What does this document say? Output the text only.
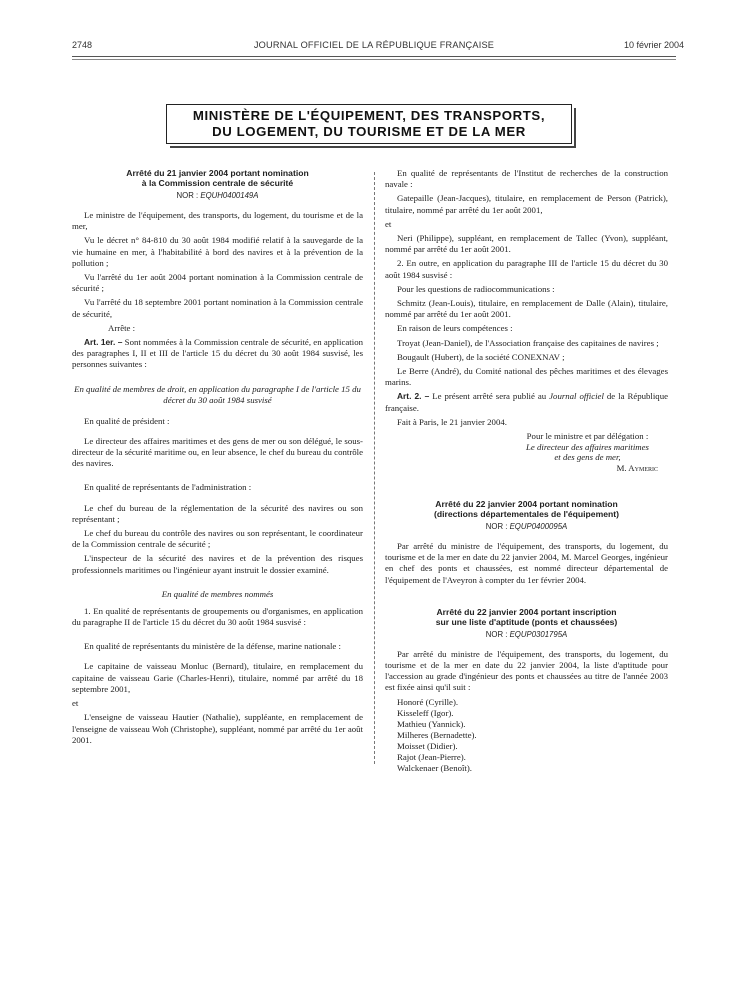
2748	JOURNAL OFFICIEL DE LA RÉPUBLIQUE FRANÇAISE	10 février 2004
MINISTÈRE DE L'ÉQUIPEMENT, DES TRANSPORTS,
DU LOGEMENT, DU TOURISME ET DE LA MER

Arrêté du 21 janvier 2004 portant nomination

à la Commission centrale de sécurité

NOR : EQUH0400149A

Le ministre de l'équipement, des transports, du logement, du tourisme et de la mer,

Vu le décret n° 84-810 du 30 août 1984 modifié relatif à la sauvegarde de la vie humaine en mer, à l'habitabilité à bord des navires et à la prévention de la pollution ;

Vu l'arrêté du 1er août 2004 portant nomination à la Commission centrale de sécurité ;

Vu l'arrêté du 18 septembre 2001 portant nomination à la Commission centrale de sécurité,

Arrête :

Art. 1er. – Sont nommées à la Commission centrale de sécurité, en application des paragraphes I, II et III de l'article 15 du décret du 30 août 1984 susvisé, les personnes suivantes :

En qualité de membres de droit, en application du paragraphe I de l'article 15 du décret du 30 août 1984 susvisé

En qualité de président :

Le directeur des affaires maritimes et des gens de mer ou son délégué, le sous-directeur de la sécurité maritime ou, en leur absence, le chef du bureau du contrôle des navires.

En qualité de représentants de l'administration :

Le chef du bureau de la réglementation de la sécurité des navires ou son représentant ;

Le chef du bureau du contrôle des navires ou son représentant, le coordinateur de la Commission centrale de sécurité ;

L'inspecteur de la sécurité des navires et de la prévention des risques professionnels maritimes ou l'ingénieur ayant instruit le dossier examiné.

En qualité de membres nommés

1. En qualité de représentants de groupements ou d'organismes, en application du paragraphe II de l'article 15 du décret du 30 août 1984 susvisé :

En qualité de représentants du ministère de la défense, marine nationale :

Le capitaine de vaisseau Monluc (Bernard), titulaire, en remplacement du capitaine de vaisseau Garie (Charles-Henri), titulaire, nommé par arrêté du 18 septembre 2001,

et

L'enseigne de vaisseau Hautier (Nathalie), suppléante, en remplacement de l'enseigne de vaisseau Woh (Christophe), suppléant, nommé par arrêté du 1er août 2001.

En qualité de représentants de l'Institut de recherches de la construction navale :

Gatepaille (Jean-Jacques), titulaire, en remplacement de Person (Patrick), titulaire, nommé par arrêté du 1er août 2001,

et

Neri (Philippe), suppléant, en remplacement de Tallec (Yvon), suppléant, nommé par arrêté du 1er août 2001.

2. En outre, en application du paragraphe III de l'article 15 du décret du 30 août 1984 susvisé :

Pour les questions de radiocommunications :

Schmitz (Jean-Louis), titulaire, en remplacement de Dalle (Alain), titulaire, nommé par arrêté du 1er août 2001.

En raison de leurs compétences :

Troyat (Jean-Daniel), de l'Association française des capitaines de navires ;

Bougault (Hubert), de la société CONEXNAV ;

Le Berre (André), du Comité national des pêches maritimes et des élevages marins.

Art. 2. – Le présent arrêté sera publié au Journal officiel de la République française.

Fait à Paris, le 21 janvier 2004.

Pour le ministre et par délégation :

Le directeur des affaires maritimes

et des gens de mer,

M. Aymeric

Arrêté du 22 janvier 2004 portant nomination

(directions départementales de l'équipement)

NOR : EQUP0400095A

Par arrêté du ministre de l'équipement, des transports, du logement, du tourisme et de la mer en date du 22 janvier 2004, M. Marcel Georges, ingénieur en chef des ponts et chaussées, est nommé directeur départemental de l'équipement de l'Aveyron à compter du 1er février 2004.

Arrêté du 22 janvier 2004 portant inscription

sur une liste d'aptitude (ponts et chaussées)

NOR : EQUP0301795A

Par arrêté du ministre de l'équipement, des transports, du logement, du tourisme et de la mer en date du 22 janvier 2004, la liste d'aptitude pour l'accession au grade d'ingénieur des ponts et chaussées au titre de l'année 2003 est fixée ainsi qu'il suit :

Honoré (Cyrille).
Kisseleff (Igor).
Mathieu (Yannick).
Milheres (Bernadette).
Moisset (Didier).
Rajot (Jean-Pierre).
Walckenaer (Benoît).
